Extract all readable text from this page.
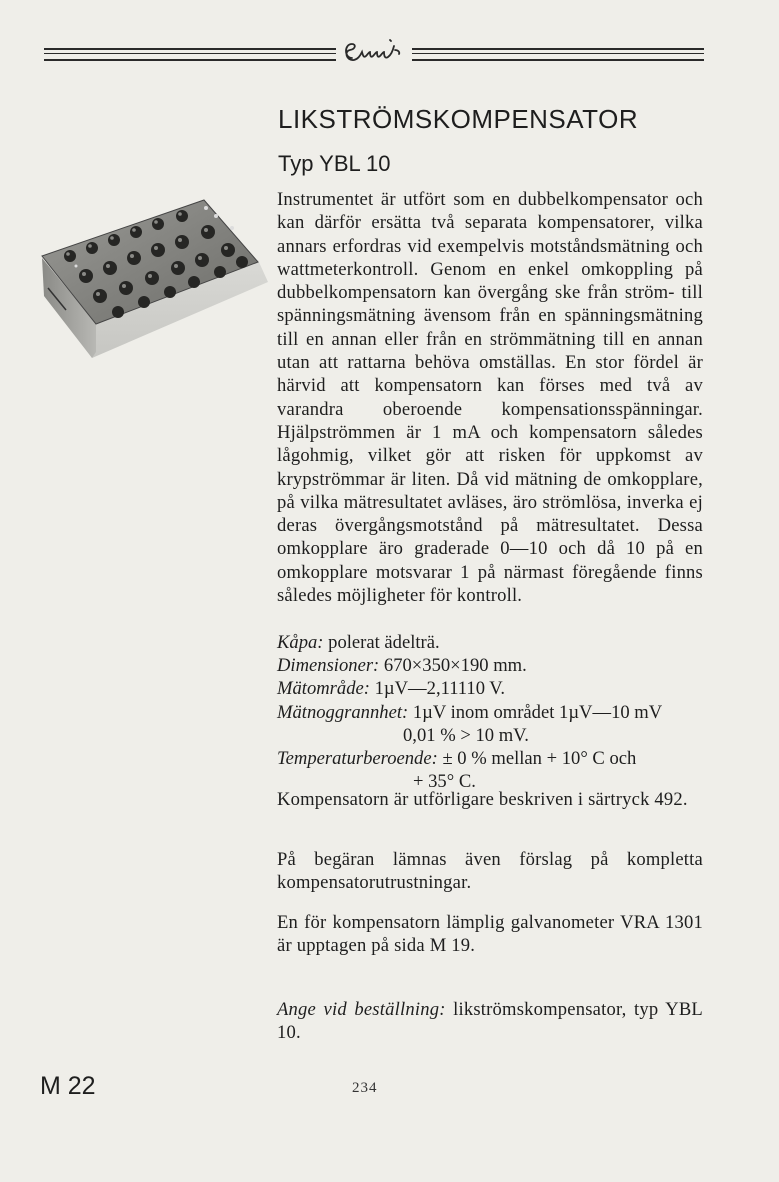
LIKSTRÖMSKOMPENSATOR
Typ YBL 10

Instrumentet är utfört som en dubbelkompensator och kan därför ersätta två separata kompensatorer, vilka annars erfordras vid exempelvis motståndsmätning och wattmeterkontroll. Genom en enkel omkoppling på dubbelkompensatorn kan övergång ske från ström- till spänningsmätning ävensom från en spänningsmätning till en annan eller från en strömmätning till en annan utan att rattarna behöva omställas. En stor fördel är härvid att kompensatorn kan förses med två av varandra oberoende kompensationsspänningar. Hjälpströmmen är 1 mA och kompensatorn således lågohmig, vilket gör att risken för uppkomst av krypströmmar är liten. Då vid mätning de omkopplare, på vilka mätresultatet avläses, äro strömlösa, inverka ej deras övergångsmotstånd på mätresultatet. Dessa omkopplare äro graderade 0—10 och då 10 på en omkopplare motsvarar 1 på närmast föregående finns således möjligheter för kontroll.

Kåpa: polerat ädelträ.
Dimensioner: 670×350×190 mm.
Mätområde: 1µV—2,11110 V.
Mätnoggrannhet: 1µV inom området 1µV—10 mV
0,01 % > 10 mV.
Temperaturberoende: ± 0 % mellan + 10° C och
+ 35° C.

Kompensatorn är utförligare beskriven i särtryck 492.

På begäran lämnas även förslag på kompletta kompensatorutrustningar.

En för kompensatorn lämplig galvanometer VRA 1301 är upptagen på sida M 19.

Ange vid beställning: likströmskompensator, typ YBL 10.

M 22	234
